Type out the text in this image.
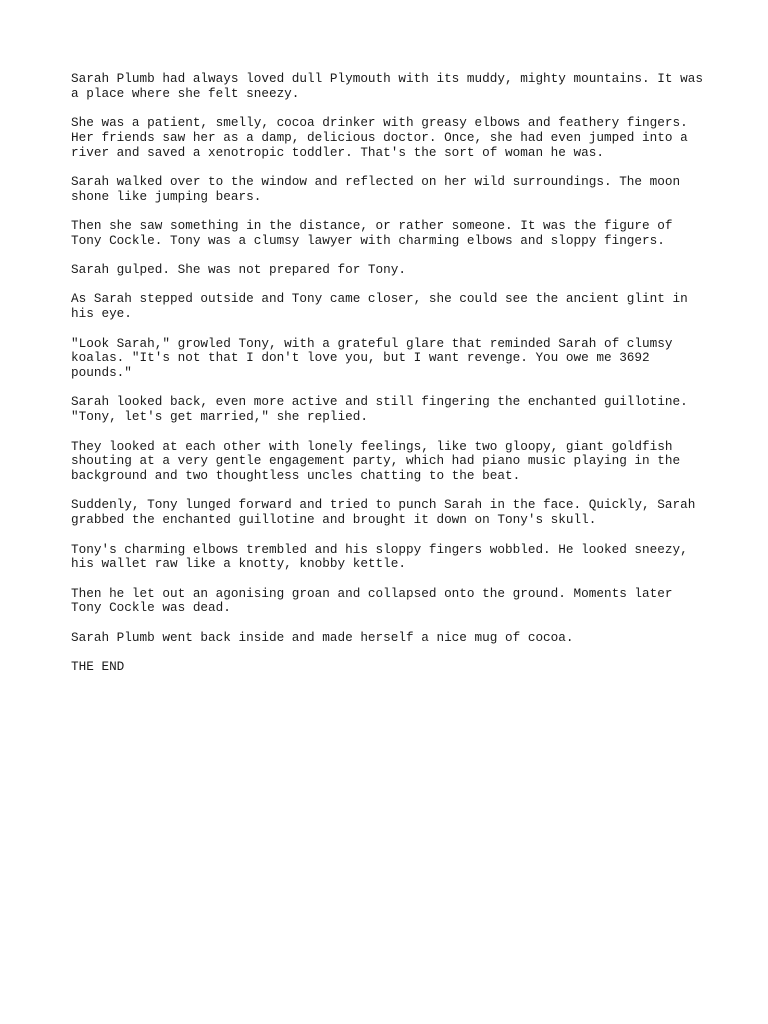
Sarah Plumb had always loved dull Plymouth with its muddy, mighty mountains. It was
a place where she felt sneezy.

She was a patient, smelly, cocoa drinker with greasy elbows and feathery fingers.
Her friends saw her as a damp, delicious doctor. Once, she had even jumped into a
river and saved a xenotropic toddler. That's the sort of woman he was.

Sarah walked over to the window and reflected on her wild surroundings. The moon
shone like jumping bears.

Then she saw something in the distance, or rather someone. It was the figure of
Tony Cockle. Tony was a clumsy lawyer with charming elbows and sloppy fingers.

Sarah gulped. She was not prepared for Tony.

As Sarah stepped outside and Tony came closer, she could see the ancient glint in
his eye.

"Look Sarah," growled Tony, with a grateful glare that reminded Sarah of clumsy
koalas. "It's not that I don't love you, but I want revenge. You owe me 3692
pounds."

Sarah looked back, even more active and still fingering the enchanted guillotine.
"Tony, let's get married," she replied.

They looked at each other with lonely feelings, like two gloopy, giant goldfish
shouting at a very gentle engagement party, which had piano music playing in the
background and two thoughtless uncles chatting to the beat.

Suddenly, Tony lunged forward and tried to punch Sarah in the face. Quickly, Sarah
grabbed the enchanted guillotine and brought it down on Tony's skull.

Tony's charming elbows trembled and his sloppy fingers wobbled. He looked sneezy,
his wallet raw like a knotty, knobby kettle.

Then he let out an agonising groan and collapsed onto the ground. Moments later
Tony Cockle was dead.

Sarah Plumb went back inside and made herself a nice mug of cocoa.

THE END
